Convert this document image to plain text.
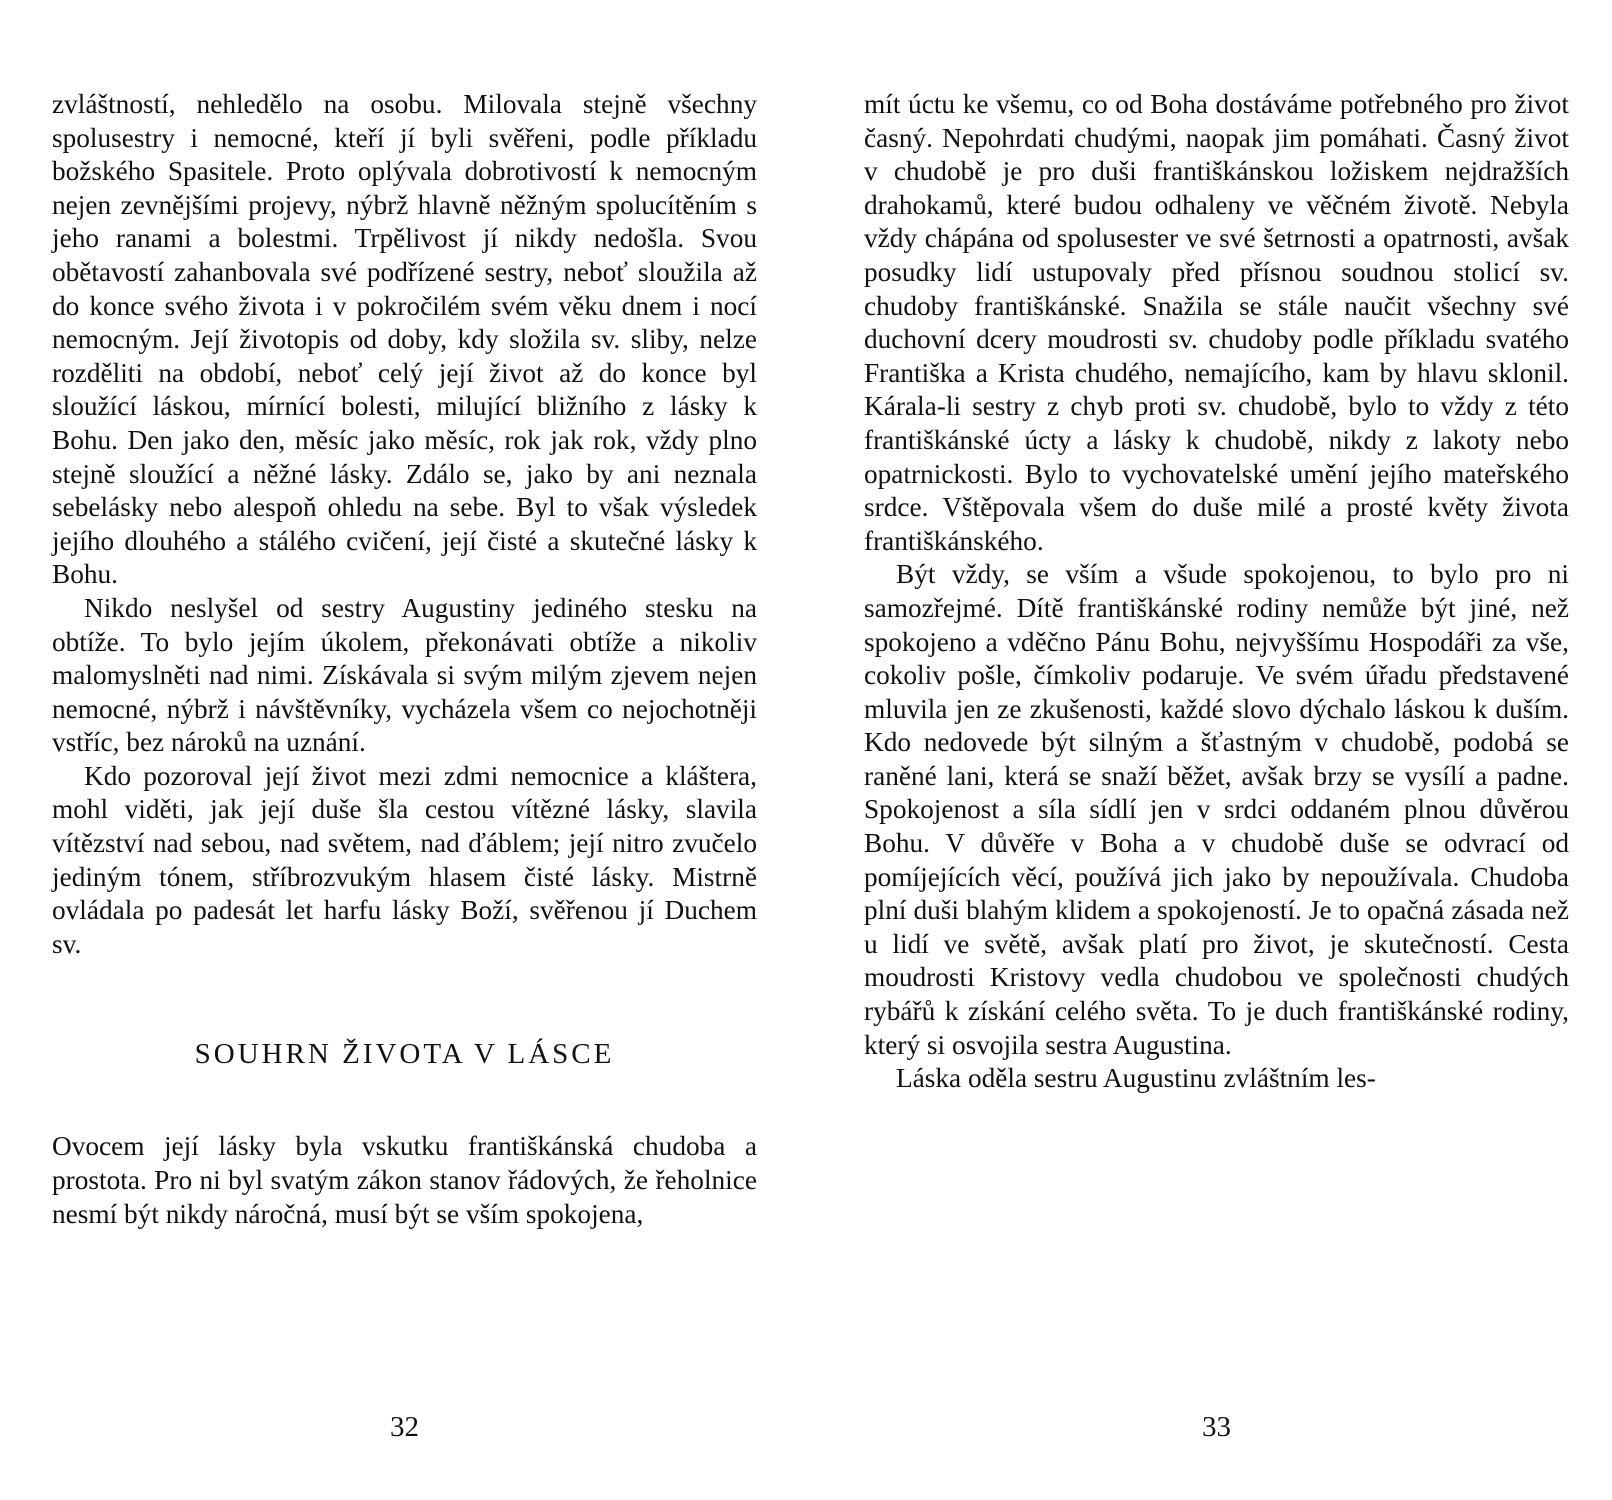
zvláštností, nehledělo na osobu. Milovala stejně všechny spolusestry i nemocné, kteří jí byli svěřeni, podle příkladu božského Spasitele. Proto oplývala dobrotivostí k nemocným nejen zevnějšími projevy, nýbrž hlavně něžným spolucítěním s jeho ranami a bolestmi. Trpělivost jí nikdy nedošla. Svou obětavostí zahanbovala své podřízené sestry, neboť sloužila až do konce svého života i v pokročilém svém věku dnem i nocí nemocným. Její životopis od doby, kdy složila sv. sliby, nelze rozděliti na období, neboť celý její život až do konce byl sloužící láskou, mírnící bolesti, milující bližního z lásky k Bohu. Den jako den, měsíc jako měsíc, rok jak rok, vždy plno stejně sloužící a něžné lásky. Zdálo se, jako by ani neznala sebelásky nebo alespoň ohledu na sebe. Byl to však výsledek jejího dlouhého a stálého cvičení, její čisté a skutečné lásky k Bohu.

Nikdo neslyšel od sestry Augustiny jediného stesku na obtíže. To bylo jejím úkolem, překonávati obtíže a nikoliv malomyslněti nad nimi. Získávala si svým milým zjevem nejen nemocné, nýbrž i návštěvníky, vycházela všem co nejochotněji vstříc, bez nároků na uznání.

Kdo pozoroval její život mezi zdmi nemocnice a kláštera, mohl viděti, jak její duše šla cestou vítězné lásky, slavila vítězství nad sebou, nad světem, nad ďáblem; její nitro zvučelo jediným tónem, stříbrozvukým hlasem čisté lásky. Mistrně ovládala po padesát let harfu lásky Boží, svěřenou jí Duchem sv.

SOUHRN ŽIVOTA V LÁSCE

Ovocem její lásky byla vskutku františkánská chudoba a prostota. Pro ni byl svatým zákon stanov řádových, že řeholnice nesmí být nikdy náročná, musí být se vším spokojena,

32

mít úctu ke všemu, co od Boha dostáváme potřebného pro život časný. Nepohrdati chudými, naopak jim pomáhati. Časný život v chudobě je pro duši františkánskou ložiskem nejdražších drahokamů, které budou odhaleny ve věčném životě. Nebyla vždy chápána od spolusester ve své šetrnosti a opatrnosti, avšak posudky lidí ustupovaly před přísnou soudnou stolicí sv. chudoby františkánské. Snažila se stále naučit všechny své duchovní dcery moudrosti sv. chudoby podle příkladu svatého Františka a Krista chudého, nemajícího, kam by hlavu sklonil. Kárala-li sestry z chyb proti sv. chudobě, bylo to vždy z této františkánské úcty a lásky k chudobě, nikdy z lakoty nebo opatrnickosti. Bylo to vychovatelské umění jejího mateřského srdce. Vštěpovala všem do duše milé a prosté květy života františkánského.

Být vždy, se vším a všude spokojenou, to bylo pro ni samozřejmé. Dítě františkánské rodiny nemůže být jiné, než spokojeno a vděčno Pánu Bohu, nejvyššímu Hospodáři za vše, cokoliv pošle, čímkoliv podaruje. Ve svém úřadu představené mluvila jen ze zkušenosti, každé slovo dýchalo láskou k duším. Kdo nedovede být silným a šťastným v chudobě, podobá se raněné lani, která se snaží běžet, avšak brzy se vysílí a padne. Spokojenost a síla sídlí jen v srdci oddaném plnou důvěrou Bohu. V důvěře v Boha a v chudobě duše se odvrací od pomíjejících věcí, používá jich jako by nepoužívala. Chudoba plní duši blahým klidem a spokojeností. Je to opačná zásada než u lidí ve světě, avšak platí pro život, je skutečností. Cesta moudrosti Kristovy vedla chudobou ve společnosti chudých rybářů k získání celého světa. To je duch františkánské rodiny, který si osvojila sestra Augustina.

Láska oděla sestru Augustinu zvláštním les-

33
